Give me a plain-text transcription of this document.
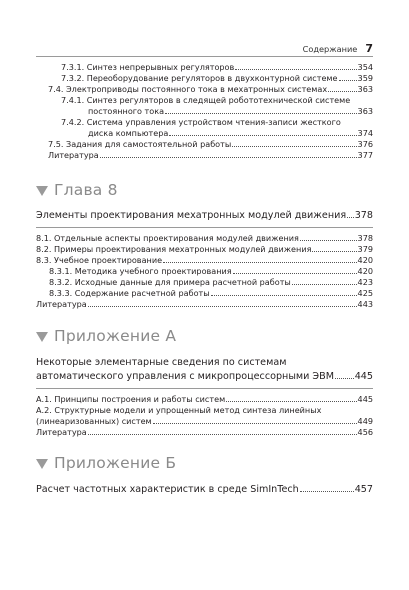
Содержание 7
7.3.1. Синтез непрерывных регуляторов	354
7.3.2. Переоборудование регуляторов в двухконтурной системе 359
7.4. Электроприводы постоянного тока в мехатронных системах	363
7.4.1. Синтез регуляторов в следящей робототехнической системе
постоянного тока	363
7.4.2. Система управления устройством чтения-записи жесткого
диска компьютера	374
7.5. Задания для самостоятельной работы	376
Литература	377
Глава 8
Элементы проектирования мехатронных модулей движения 378
8.1. Отдельные аспекты проектирования модулей движения	378
8.2. Примеры проектирования мехатронных модулей движения	379
8.3. Учебное проектирование	420
8.3.1. Методика учебного проектирования	420
8.3.2. Исходные данные для примера расчетной работы	423
8.3.3. Содержание расчетной работы	425
Литература	443
Приложение А
Некоторые элементарные сведения по системам
автоматического управления с микропроцессорными ЭВМ 445
А.1. Принципы построения и работы систем	445
А.2. Структурные модели и упрощенный метод синтеза линейных
(линеаризованных) систем	449
Литература	456
Приложение Б
Расчет частотных характеристик в среде SimInTech	457
